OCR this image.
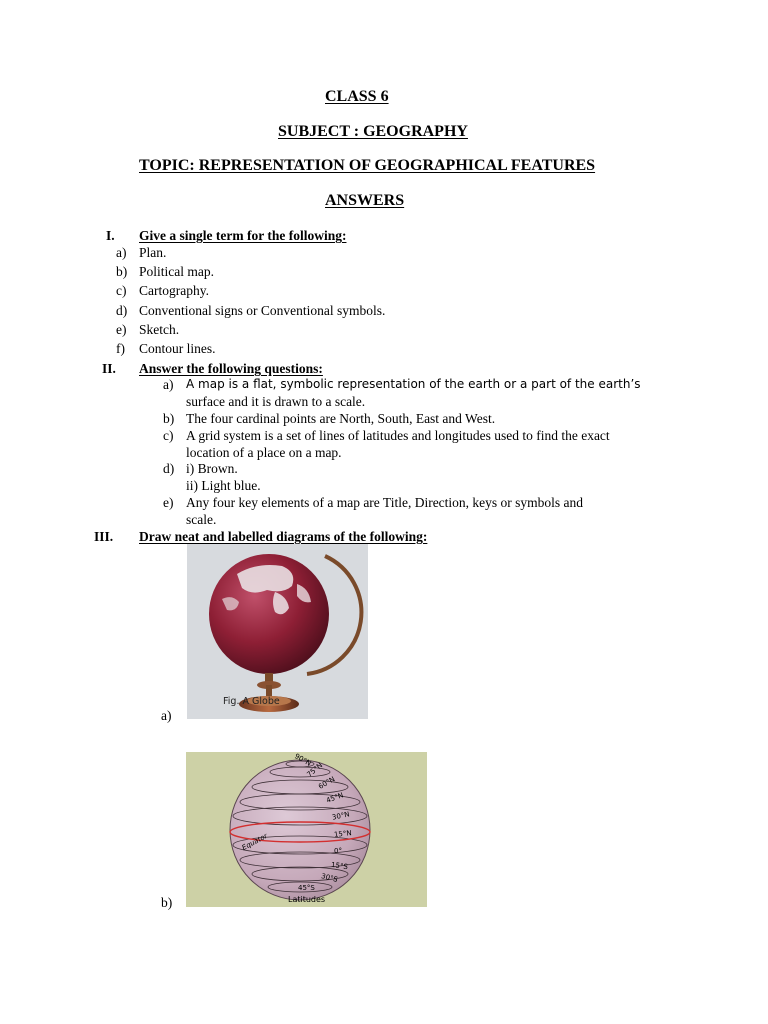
CLASS 6
SUBJECT : GEOGRAPHY
TOPIC: REPRESENTATION OF GEOGRAPHICAL FEATURES
ANSWERS
I. Give a single term for the following:
a) Plan.
b) Political map.
c) Cartography.
d) Conventional signs or Conventional symbols.
e) Sketch.
f) Contour lines.
II. Answer the following questions:
a) A map is a flat, symbolic representation of the earth or a part of the earth’s
surface and it is drawn to a scale.
b) The four cardinal points are North, South, East and West.
c) A grid system is a set of lines of latitudes and longitudes used to find the exact
location of a place on a map.
d) i) Brown.
ii) Light blue.
e) Any four key elements of a map are Title, Direction, keys or symbols and
scale.
III. Draw neat and labelled diagrams of the following:
Fig. A Globe
a)
90°N
75°N
60°N
45°N
30°N
15°N
0°
15°S
30°S
45°S
Equator
Latitudes
b)
